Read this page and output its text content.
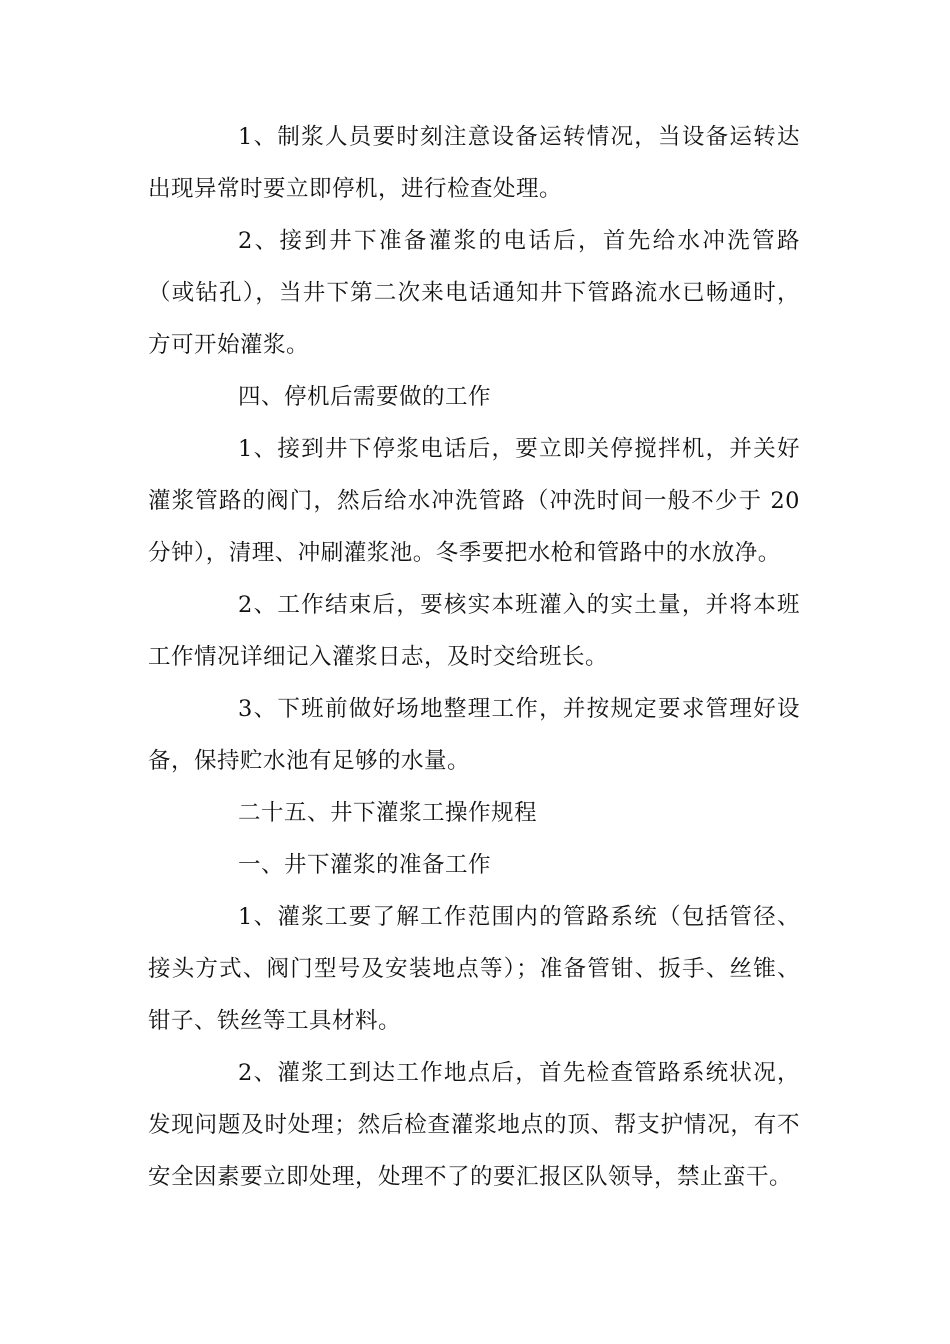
1、制浆人员要时刻注意设备运转情况，当设备运转达出现异常时要立即停机，进行检查处理。

2、接到井下准备灌浆的电话后，首先给水冲洗管路（或钻孔），当井下第二次来电话通知井下管路流水已畅通时，方可开始灌浆。

四、停机后需要做的工作

1、接到井下停浆电话后，要立即关停搅拌机，并关好灌浆管路的阀门，然后给水冲洗管路（冲洗时间一般不少于 20 分钟），清理、冲刷灌浆池。冬季要把水枪和管路中的水放净。

2、工作结束后，要核实本班灌入的实土量，并将本班工作情况详细记入灌浆日志，及时交给班长。

3、下班前做好场地整理工作，并按规定要求管理好设备，保持贮水池有足够的水量。

二十五、井下灌浆工操作规程

一、井下灌浆的准备工作

1、灌浆工要了解工作范围内的管路系统（包括管径、接头方式、阀门型号及安装地点等）；准备管钳、扳手、丝锥、钳子、铁丝等工具材料。

2、灌浆工到达工作地点后，首先检查管路系统状况，发现问题及时处理；然后检查灌浆地点的顶、帮支护情况，有不安全因素要立即处理，处理不了的要汇报区队领导，禁止蛮干。
